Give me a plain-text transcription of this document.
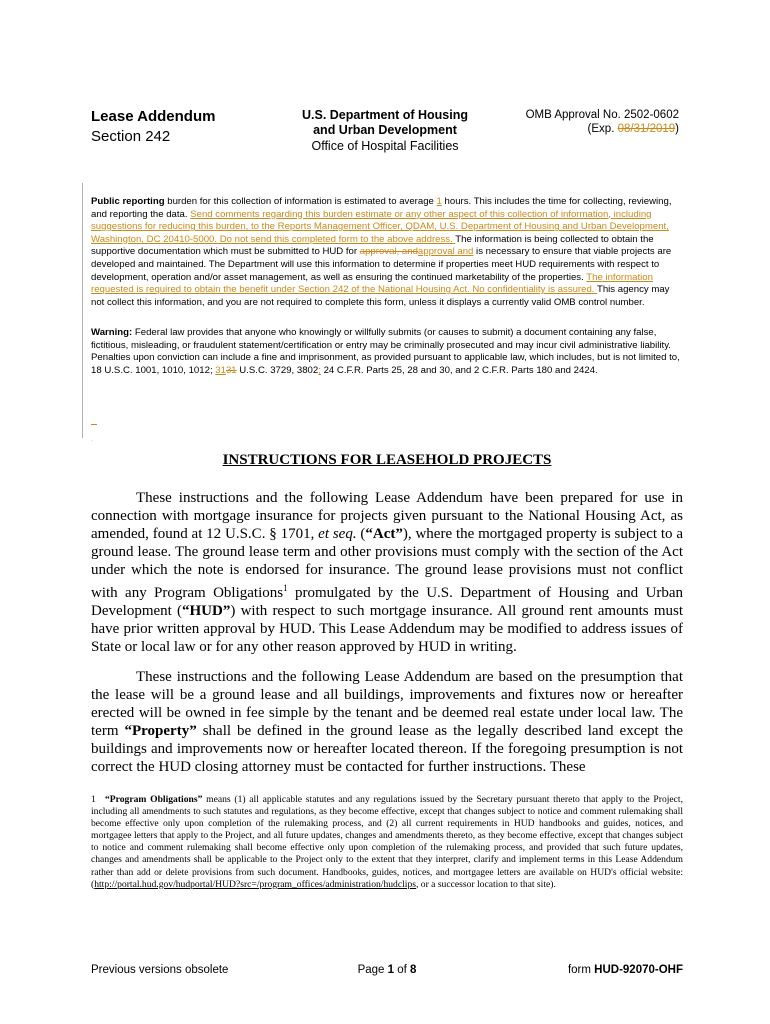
Lease Addendum
Section 242
U.S. Department of Housing
and Urban Development
Office of Hospital Facilities
OMB Approval No. 2502-0602
(Exp. 08/31/2019)

Public reporting burden for this collection of information is estimated to average 1 hours. This includes the time for collecting, reviewing, and reporting the data. Send comments regarding this burden estimate or any other aspect of this collection of information, including suggestions for reducing this burden, to the Reports Management Officer, QDAM, U.S. Department of Housing and Urban Development, Washington, DC 20410-5000. Do not send this completed form to the above address. The information is being collected to obtain the supportive documentation which must be submitted to HUD for approval, andapproval and is necessary to ensure that viable projects are developed and maintained. The Department will use this information to determine if properties meet HUD requirements with respect to development, operation and/or asset management, as well as ensuring the continued marketability of the properties. The information requested is required to obtain the benefit under Section 242 of the National Housing Act. No confidentiality is assured. This agency may not collect this information, and you are not required to complete this form, unless it displays a currently valid OMB control number.

Warning: Federal law provides that anyone who knowingly or willfully submits (or causes to submit) a document containing any false, fictitious, misleading, or fraudulent statement/certification or entry may be criminally prosecuted and may incur civil administrative liability. Penalties upon conviction can include a fine and imprisonment, as provided pursuant to applicable law, which includes, but is not limited to, 18 U.S.C. 1001, 1010, 1012; 3131 U.S.C. 3729, 3802; 24 C.F.R. Parts 25, 28 and 30, and 2 C.F.R. Parts 180 and 2424.

.
INSTRUCTIONS FOR LEASEHOLD PROJECTS

These instructions and the following Lease Addendum have been prepared for use in connection with mortgage insurance for projects given pursuant to the National Housing Act, as amended, found at 12 U.S.C. § 1701, et seq. (“Act”), where the mortgaged property is subject to a ground lease. The ground lease term and other provisions must comply with the section of the Act under which the note is endorsed for insurance. The ground lease provisions must not conflict with any Program Obligations$^1$ promulgated by the U.S. Department of Housing and Urban Development (“HUD”) with respect to such mortgage insurance. All ground rent amounts must have prior written approval by HUD. This Lease Addendum may be modified to address issues of State or local law or for any other reason approved by HUD in writing.

These instructions and the following Lease Addendum are based on the presumption that the lease will be a ground lease and all buildings, improvements and fixtures now or hereafter erected will be owned in fee simple by the tenant and be deemed real estate under local law. The term “Property” shall be defined in the ground lease as the legally described land except the buildings and improvements now or hereafter located thereon. If the foregoing presumption is not correct the HUD closing attorney must be contacted for further instructions. These

1 “Program Obligations” means (1) all applicable statutes and any regulations issued by the Secretary pursuant thereto that apply to the Project, including all amendments to such statutes and regulations, as they become effective, except that changes subject to notice and comment rulemaking shall become effective only upon completion of the rulemaking process, and (2) all current requirements in HUD handbooks and guides, notices, and mortgagee letters that apply to the Project, and all future updates, changes and amendments thereto, as they become effective, except that changes subject to notice and comment rulemaking shall become effective only upon completion of the rulemaking process, and provided that such future updates, changes and amendments shall be applicable to the Project only to the extent that they interpret, clarify and implement terms in this Lease Addendum rather than add or delete provisions from such document. Handbooks, guides, notices, and mortgagee letters are available on HUD's official website: (http://portal.hud.gov/hudportal/HUD?src=/program_offices/administration/hudclips, or a successor location to that site).

Previous versions obsolete	Page 1 of 8	form HUD-92070-OHF
